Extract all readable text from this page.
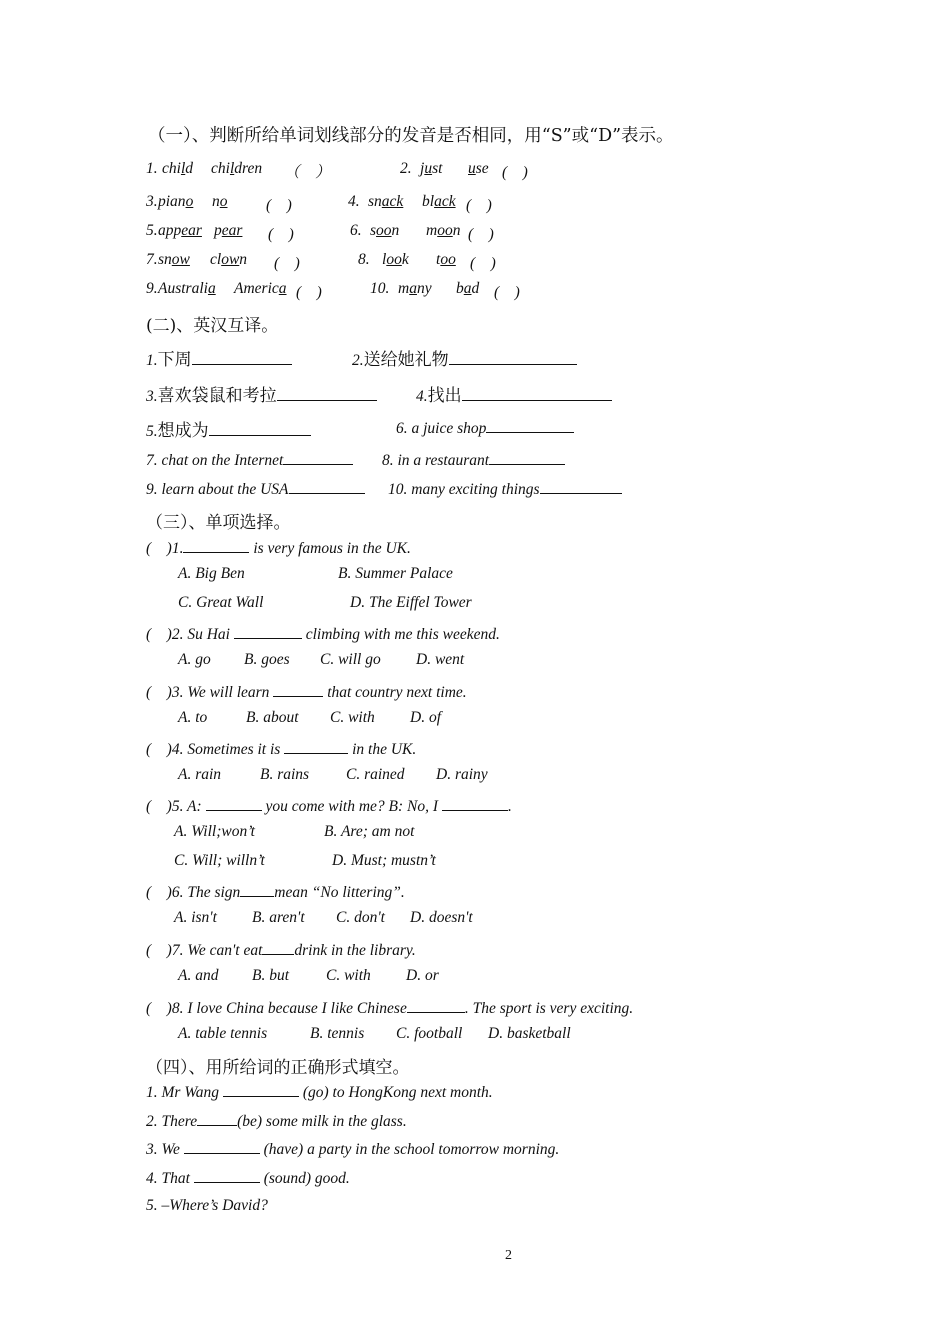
（一）、判断所给单词划线部分的发音是否相同，用“S”或“D”表示。
1. child children （　）	2. just use (　)
3. piano no (　)	4. snack black (　)
5. appear pear (　)	6. soon moon (　)
7. snow clown (　)	8. look too (　)
9. Australia America (　)	10. many bad (　)
(二)、英汉互译。
1.下周	2.送给她礼物
3.喜欢袋鼠和考拉	4.找出
5.想成为	6. a juice shop
7. chat on the Internet	8. in a restaurant
9. learn about the USA	10. many exciting things
（三）、单项选择。
(　)1.	is very famous in the UK.
A. Big Ben	B. Summer Palace
C. Great Wall	D. The Eiffel Tower
(　)2. Su Hai	climbing with me this weekend.
A. go B. goes C. will go D. went
(　)3. We will learn	that country next time.
A. to B. about C. with D. of
(　)4. Sometimes it is	in the UK.
A. rain	B. rains C. rained D. rainy
(　)5. A:	you come with me? B: No, I	.
A. Will;won’t	B. Are; am not
C. Will; willn’t	D. Must; mustn’t
(　)6. The sign mean “No littering”.
A. isn't B. aren't C. don't D. doesn't
(　)7. We can't eat drink in the library.
A. and B. but C. with D. or
(　)8. I love China because I like Chinese	. The sport is very exciting.
A. table tennis	B. tennis C. football D. basketball
（四）、用所给词的正确形式填空。
1. Mr Wang	(go) to HongKong next month.
2. There	(be) some milk in the glass.
3. We	(have) a party in the school tomorrow morning.
4. That	(sound) good.
5. –Where’s David?
2
